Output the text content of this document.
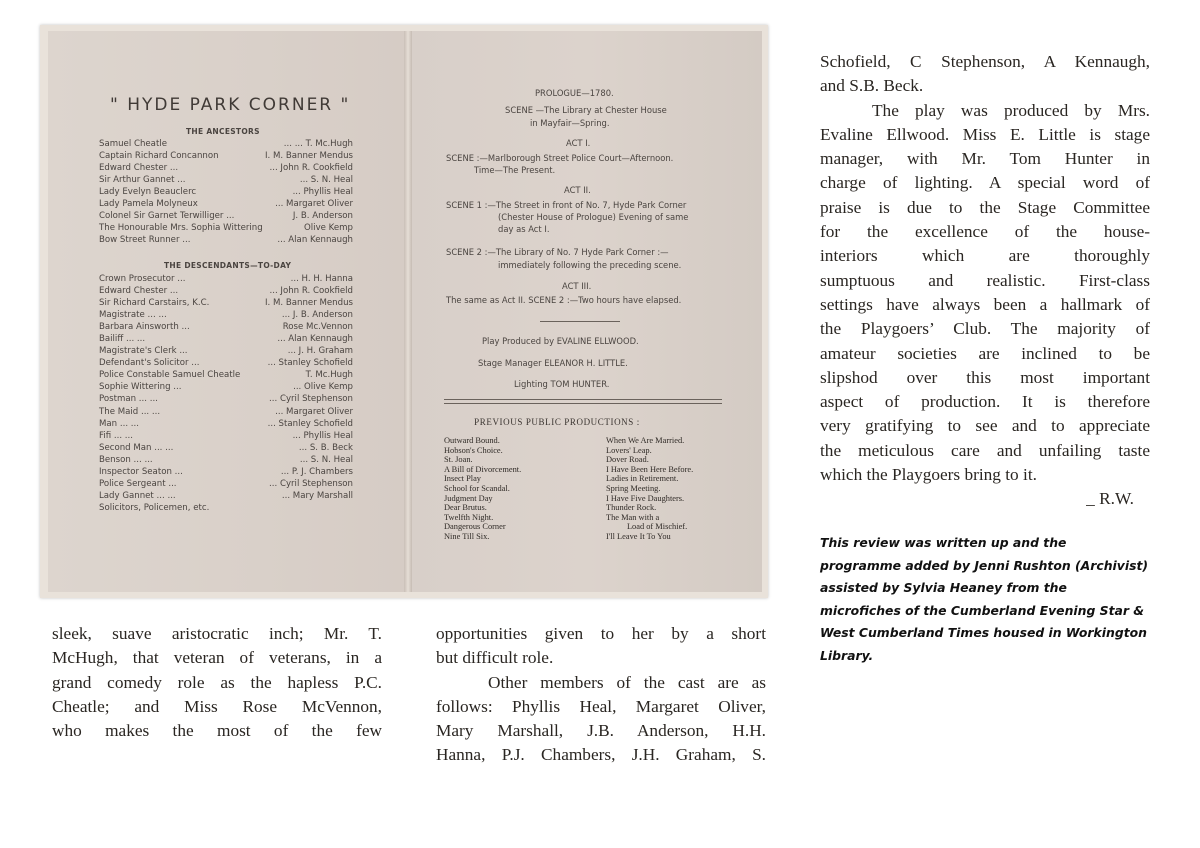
" HYDE PARK CORNER "
THE ANCESTORS
Samuel Cheatle	... ... T. Mc.Hugh
Captain Richard Concannon	I. M. Banner Mendus
Edward Chester ...	... John R. Cookfield
Sir Arthur Gannet ...	... S. N. Heal
Lady Evelyn Beauclerc	... Phyllis Heal
Lady Pamela Molyneux	... Margaret Oliver
Colonel Sir Garnet Terwilliger ...	J. B. Anderson
The Honourable Mrs. Sophia Wittering	Olive Kemp
Bow Street Runner ...	... Alan Kennaugh
THE DESCENDANTS—TO-DAY
Crown Prosecutor ...	... H. H. Hanna
Edward Chester ...	... John R. Cookfield
Sir Richard Carstairs, K.C.	I. M. Banner Mendus
Magistrate ... ...	... J. B. Anderson
Barbara Ainsworth ...	Rose Mc.Vennon
Bailiff ... ...	... Alan Kennaugh
Magistrate's Clerk ...	... J. H. Graham
Defendant's Solicitor ...	... Stanley Schofield
Police Constable Samuel Cheatle	T. Mc.Hugh
Sophie Wittering ...	... Olive Kemp
Postman ... ...	... Cyril Stephenson
The Maid ... ...	... Margaret Oliver
Man ... ...	... Stanley Schofield
Fifi ... ...	... Phyllis Heal
Second Man ... ...	... S. B. Beck
Benson ... ...	... S. N. Heal
Inspector Seaton ...	... P. J. Chambers
Police Sergeant ...	... Cyril Stephenson
Lady Gannet ... ...	... Mary Marshall
Solicitors, Policemen, etc.
PROLOGUE—1780.
SCENE —The Library at Chester House
in Mayfair—Spring.
ACT I.
SCENE :—Marlborough Street Police Court—Afternoon.
Time—The Present.
ACT II.
SCENE 1 :—The Street in front of No. 7, Hyde Park Corner
(Chester House of Prologue) Evening of same
day as Act I.
SCENE 2 :—The Library of No. 7 Hyde Park Corner :—
immediately following the preceding scene.
ACT III.
The same as Act II. SCENE 2 :—Two hours have elapsed.
Play Produced by EVALINE ELLWOOD.
Stage Manager ELEANOR H. LITTLE.
Lighting TOM HUNTER.
PREVIOUS PUBLIC PRODUCTIONS :
Outward Bound.
Hobson's Choice.
St. Joan.
A Bill of Divorcement.
Insect Play
School for Scandal.
Judgment Day
Dear Brutus.
Twelfth Night.
Dangerous Corner
Nine Till Six.
When We Are Married.
Lovers' Leap.
Dover Road.
I Have Been Here Before.
Ladies in Retirement.
Spring Meeting.
I Have Five Daughters.
Thunder Rock.
The Man with a
Load of Mischief.
I'll Leave It To You

sleek, suave aristocratic inch; Mr. T.

McHugh, that veteran of veterans, in a

grand comedy role as the hapless P.C.

Cheatle; and Miss Rose McVennon,

who makes the most of the few

opportunities given to her by a short

but difficult role.

Other members of the cast are as

follows: Phyllis Heal, Margaret Oliver,

Mary Marshall, J.B. Anderson, H.H.

Hanna, P.J. Chambers, J.H. Graham, S.

Schofield, C Stephenson, A Kennaugh,

and S.B. Beck.

The play was produced by Mrs.

Evaline Ellwood. Miss E. Little is stage

manager, with Mr. Tom Hunter in

charge of lighting. A special word of

praise is due to the Stage Committee

for the excellence of the house-

interiors which are thoroughly

sumptuous and realistic. First-class

settings have always been a hallmark of

the Playgoers’ Club. The majority of

amateur societies are inclined to be

slipshod over this most important

aspect of production. It is therefore

very gratifying to see and to appreciate

the meticulous care and unfailing taste

which the Playgoers bring to it.

_ R.W.

This review was written up and the programme added by Jenni Rushton (Archivist) assisted by Sylvia Heaney from the microfiches of the Cumberland Evening Star & West Cumberland Times housed in Workington Library.
